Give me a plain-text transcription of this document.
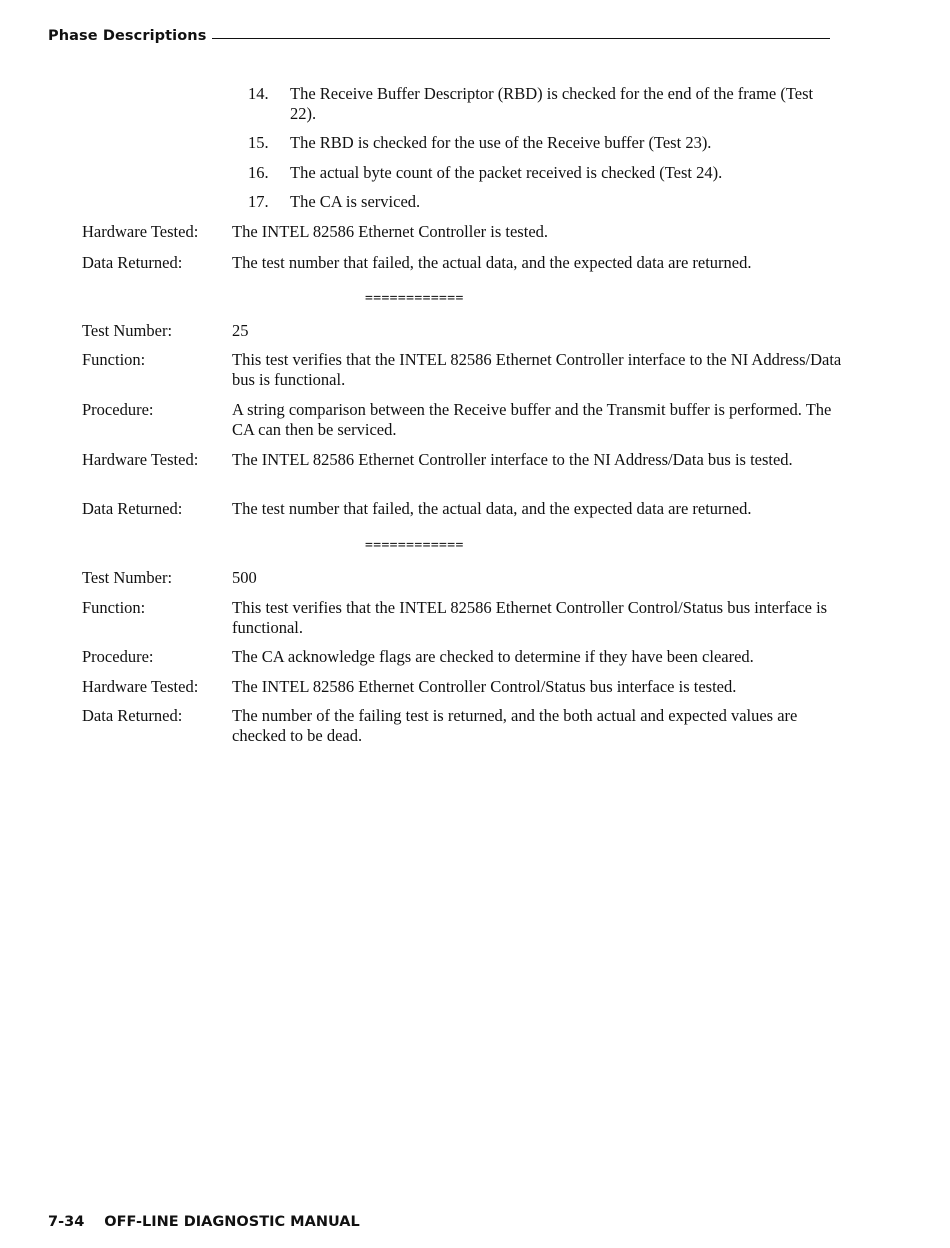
Phase Descriptions
14.	The Receive Buffer Descriptor (RBD) is checked for the end of the frame (Test 22).
15.	The RBD is checked for the use of the Receive buffer (Test 23).
16.	The actual byte count of the packet received is checked (Test 24).
17.	The CA is serviced.
Hardware Tested:	The INTEL 82586 Ethernet Controller is tested.
Data Returned:	The test number that failed, the actual data, and the expected data are returned.
============
Test Number:	25
Function:	This test verifies that the INTEL 82586 Ethernet Controller interface to the NI Address/Data bus is functional.
Procedure:	A string comparison between the Receive buffer and the Transmit buffer is performed. The CA can then be serviced.
Hardware Tested:	The INTEL 82586 Ethernet Controller interface to the NI Address/Data bus is tested.
Data Returned:	The test number that failed, the actual data, and the expected data are returned.
============
Test Number:	500
Function:	This test verifies that the INTEL 82586 Ethernet Controller Control/Status bus interface is functional.
Procedure:	The CA acknowledge flags are checked to determine if they have been cleared.
Hardware Tested:	The INTEL 82586 Ethernet Controller Control/Status bus interface is tested.
Data Returned:	The number of the failing test is returned, and the both actual and expected values are checked to be dead.
7-34 OFF-LINE DIAGNOSTIC MANUAL
